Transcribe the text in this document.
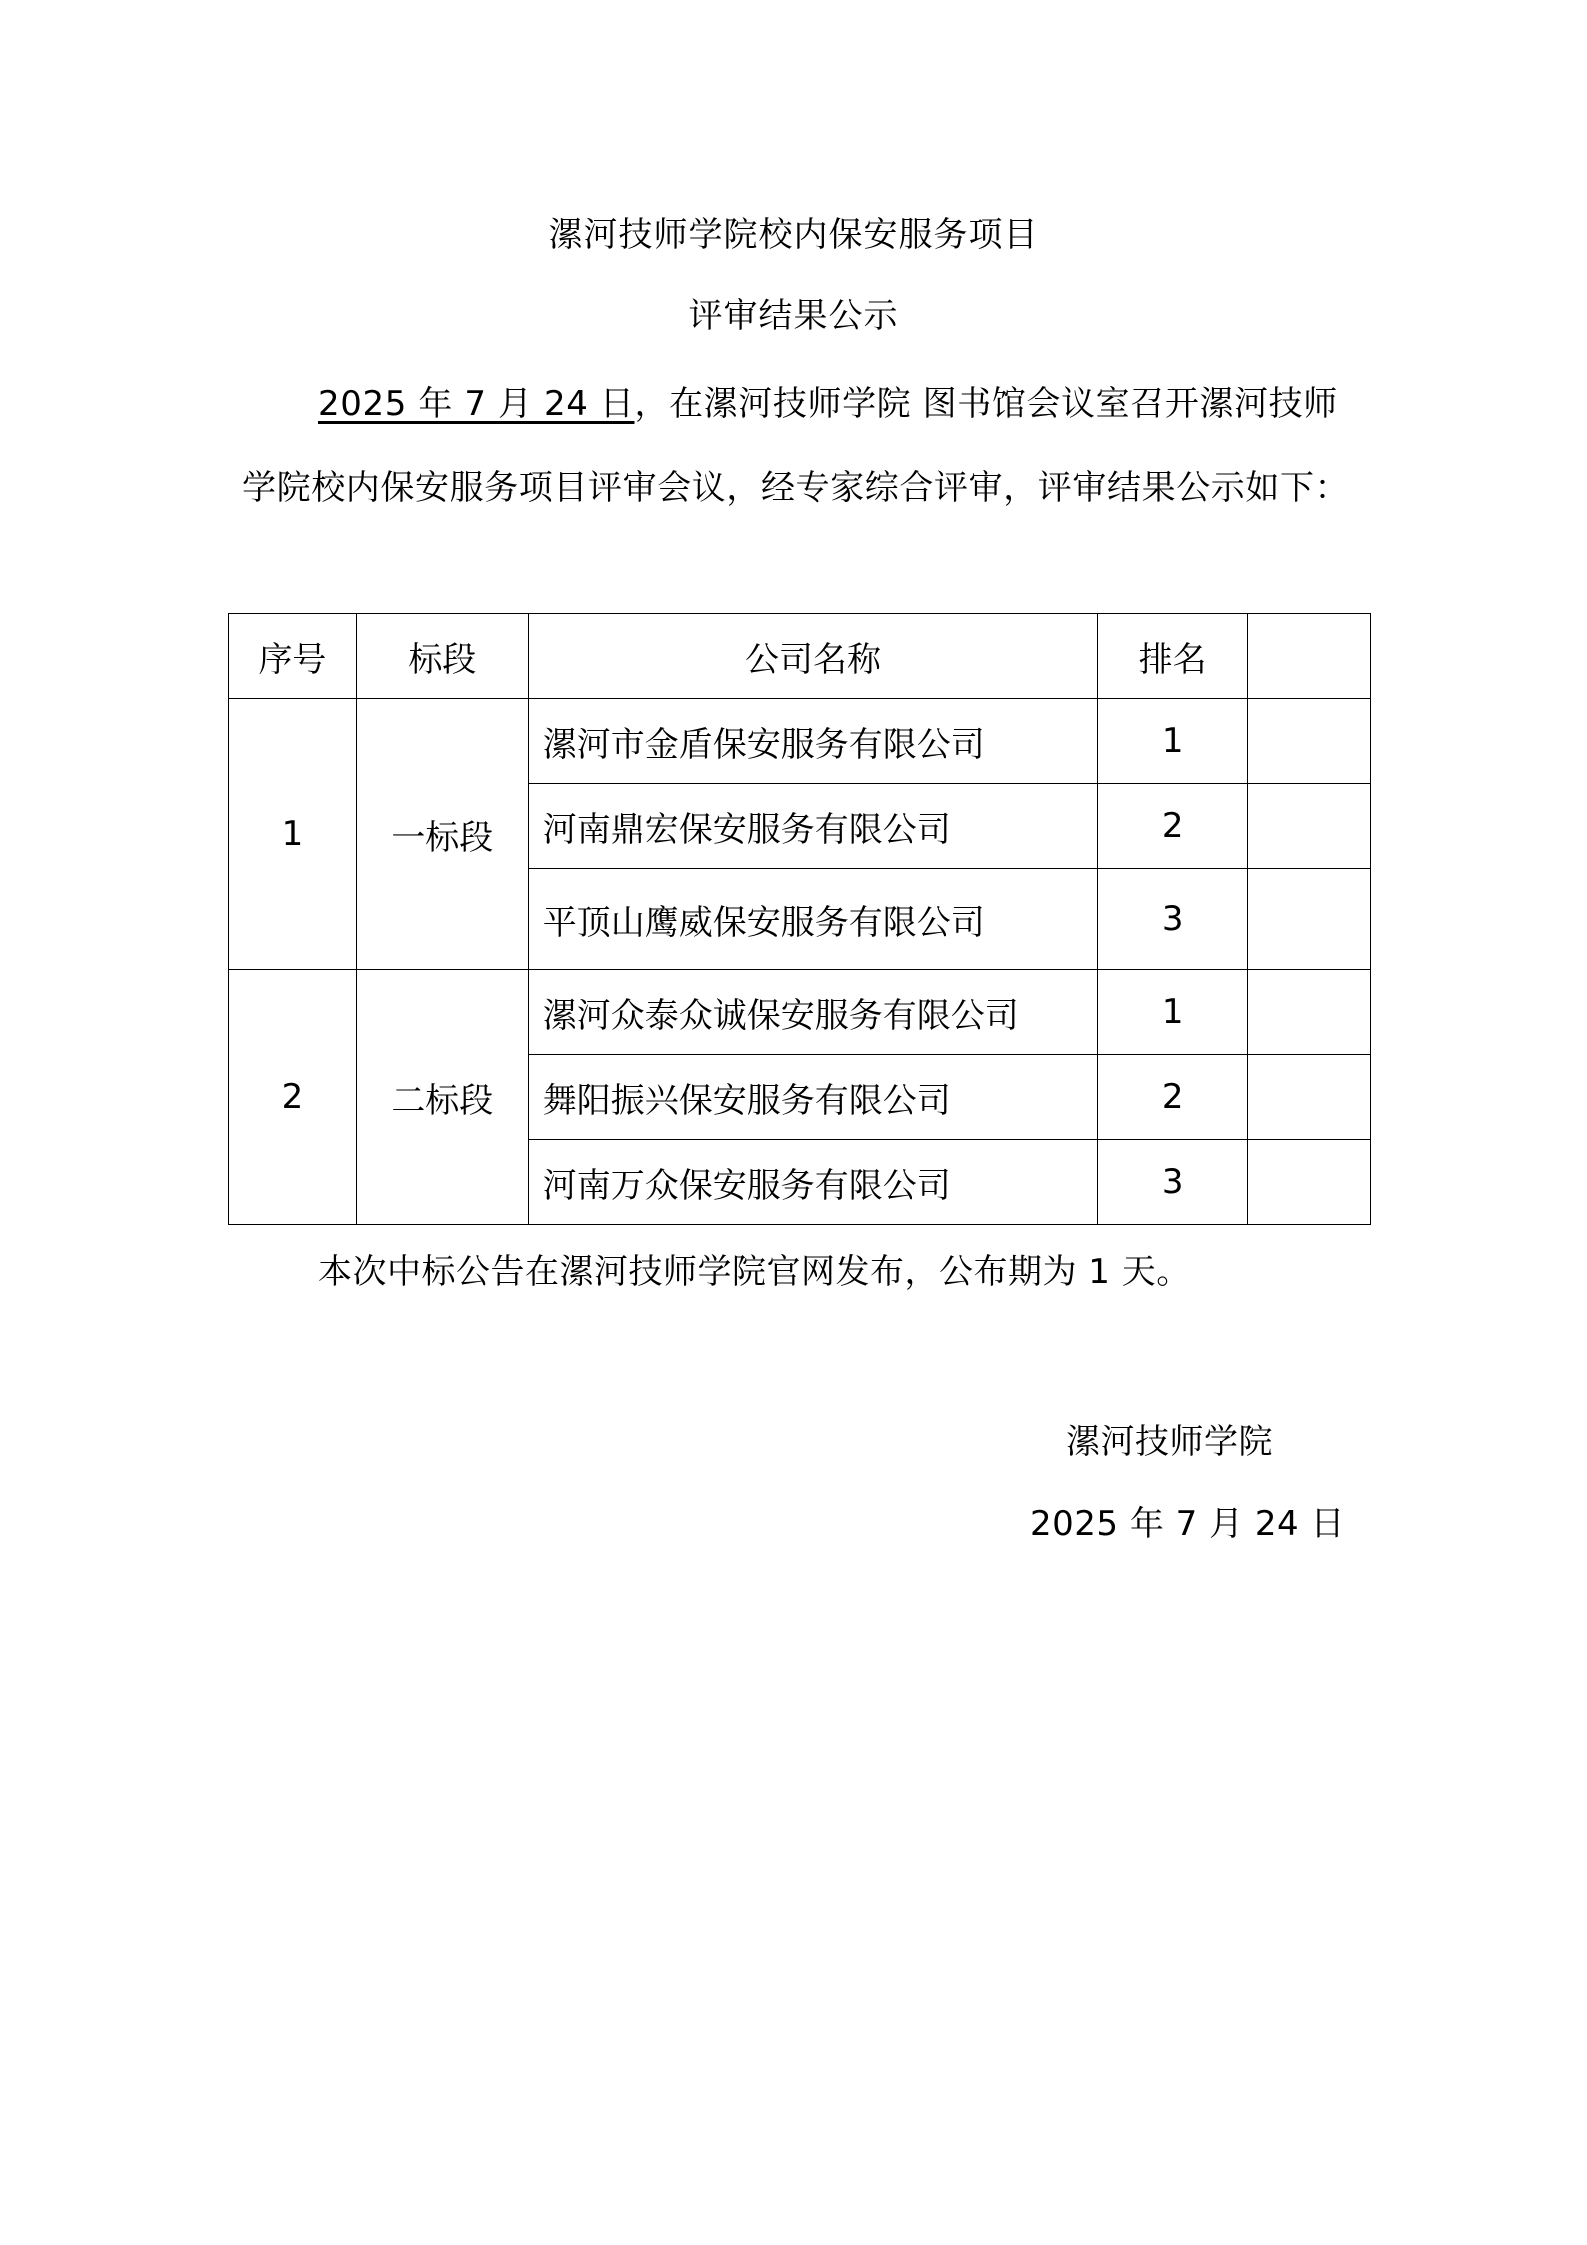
漯河技师学院校内保安服务项目
评审结果公示
2025 年 7 月 24 日，在漯河技师学院 图书馆会议室召开漯河技师学院校内保安服务项目评审会议，经专家综合评审，评审结果公示如下：
序号	标段	公司名称	排名	
1	一标段	漯河市金盾保安服务有限公司	1	
		河南鼎宏保安服务有限公司	2	
		平顶山鹰威保安服务有限公司	3	
2	二标段	漯河众泰众诚保安服务有限公司	1	
		舞阳振兴保安服务有限公司	2	
		河南万众保安服务有限公司	3	
本次中标公告在漯河技师学院官网发布，公布期为 1 天。
漯河技师学院
2025 年 7 月 24 日
